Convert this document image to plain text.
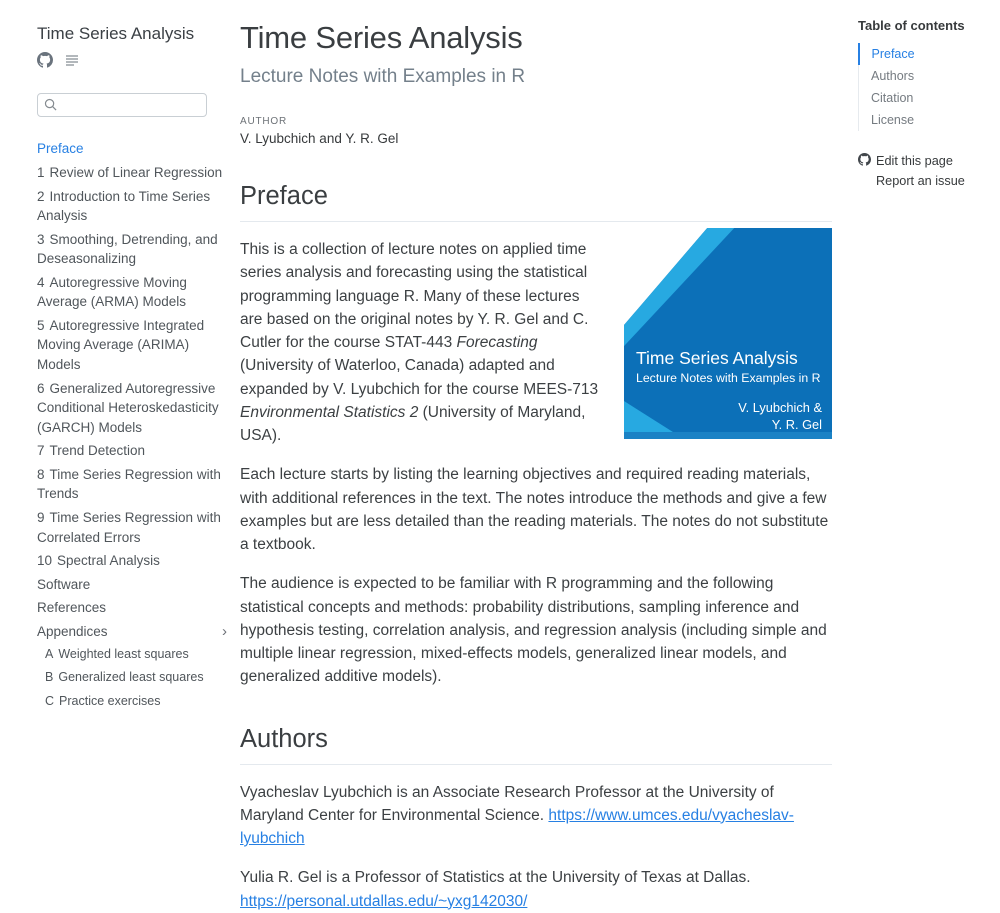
Time Series Analysis
Preface
1 Review of Linear Regression
2 Introduction to Time Series Analysis
3 Smoothing, Detrending, and Deseasonalizing
4 Autoregressive Moving Average (ARMA) Models
5 Autoregressive Integrated Moving Average (ARIMA) Models
6 Generalized Autoregressive Conditional Heteroskedasticity (GARCH) Models
7 Trend Detection
8 Time Series Regression with Trends
9 Time Series Regression with Correlated Errors
10 Spectral Analysis
Software
References
Appendices	›
A Weighted least squares
B Generalized least squares
C Practice exercises
Time Series Analysis
Lecture Notes with Examples in R
AUTHOR
V. Lyubchich and Y. R. Gel
Preface
Time Series Analysis
Lecture Notes with Examples in R
V. Lyubchich &
Y. R. Gel

This is a collection of lecture notes on applied time series analysis and forecasting using the statistical programming language R. Many of these lectures are based on the original notes by Y. R. Gel and C. Cutler for the course STAT-443 Forecasting (University of Waterloo, Canada) adapted and expanded by V. Lyubchich for the course MEES-713 Environmental Statistics 2 (University of Maryland, USA).

Each lecture starts by listing the learning objectives and required reading materials, with additional references in the text. The notes introduce the methods and give a few examples but are less detailed than the reading materials. The notes do not substitute a textbook.

The audience is expected to be familiar with R programming and the following statistical concepts and methods: probability distributions, sampling inference and hypothesis testing, correlation analysis, and regression analysis (including simple and multiple linear regression, mixed-effects models, generalized linear models, and generalized additive models).

Authors

Vyacheslav Lyubchich is an Associate Research Professor at the University of Maryland Center for Environmental Science. https://www.umces.edu/vyacheslav-lyubchich

Yulia R. Gel is a Professor of Statistics at the University of Texas at Dallas. https://personal.utdallas.edu/~yxg142030/

Table of contents
Preface
Authors
Citation
License
Edit this page
Report an issue
